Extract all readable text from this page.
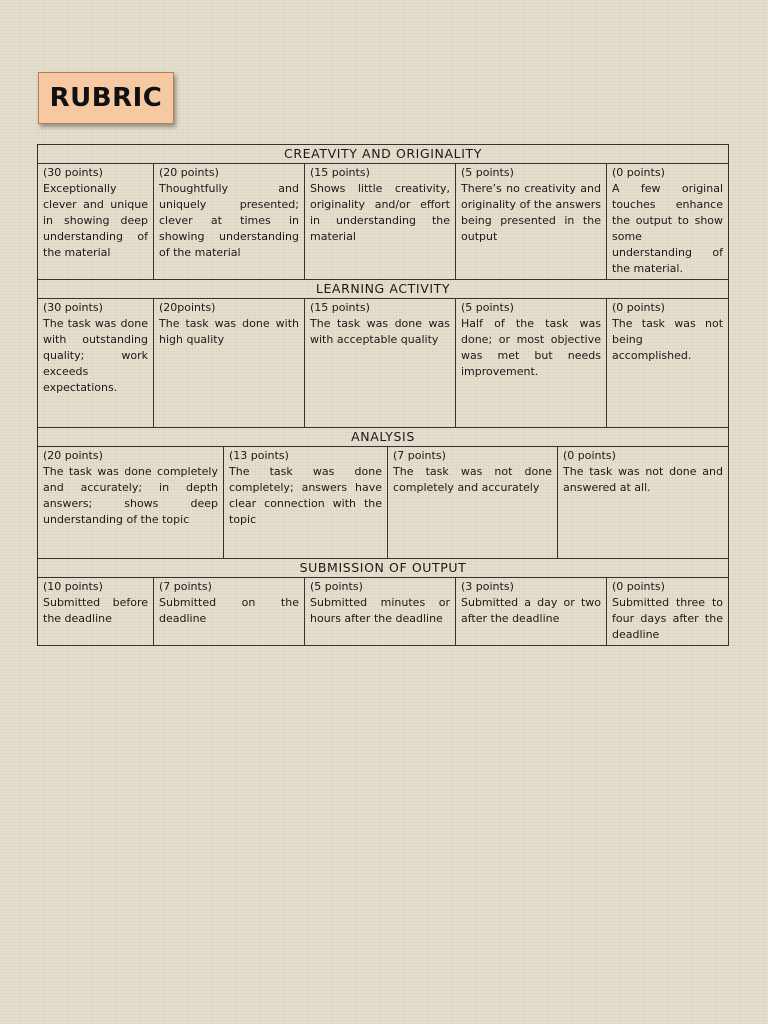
RUBRIC
CREATVITY AND ORIGINALITY

(30 points)
Exceptionally clever and unique in showing deep understanding of the material

(20 points)
Thoughtfully and uniquely presented; clever at times in showing understanding of the material

(15 points)
Shows little creativity, originality and/or effort in understanding the material

(5 points)
There’s no creativity and originality of the answers being presented in the output

(0 points)
A few original touches enhance the output to show some understanding of the material.
LEARNING ACTIVITY

(30 points)
The task was done with outstanding quality; work exceeds expectations.

(20points)
The task was done with high quality

(15 points)
The task was done was with acceptable quality

(5 points)
Half of the task was done; or most objective was met but needs improvement.

(0 points)
The task was not being accomplished.
ANALYSIS

(20 points)
The task was done completely and accurately; in depth answers; shows deep understanding of the topic

(13 points)
The task was done completely; answers have clear connection with the topic

(7 points)
The task was not done completely and accurately

(0 points)
The task was not done and answered at all.
SUBMISSION OF OUTPUT

(10 points)
Submitted before the deadline

(7 points)
Submitted on the deadline

(5 points)
Submitted minutes or hours after the deadline

(3 points)
Submitted a day or two after the deadline

(0 points)
Submitted three to four days after the deadline
